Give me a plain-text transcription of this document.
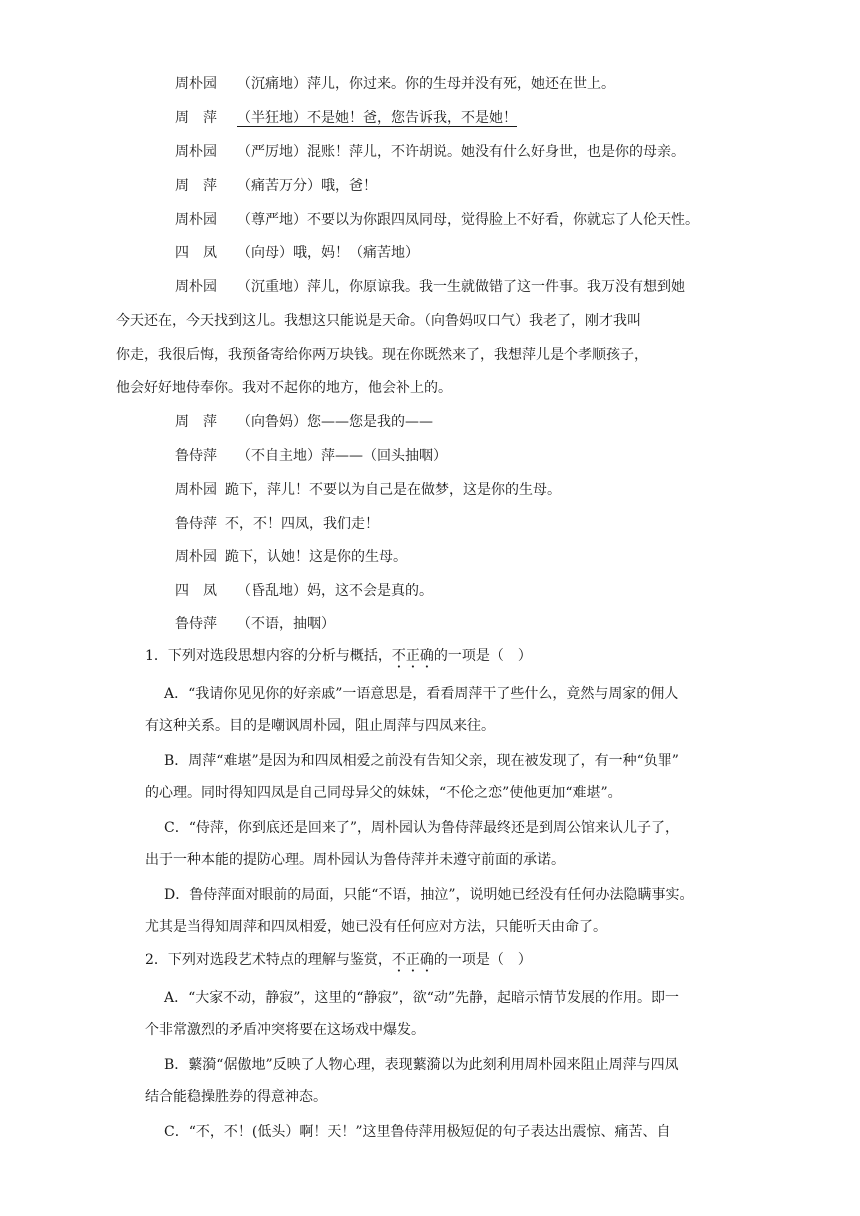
周朴园 （沉痛地）萍儿，你过来。你的生母并没有死，她还在世上。
周　萍 （半狂地）不是她！爸，您告诉我，不是她！
周朴园 （严厉地）混账！萍儿，不许胡说。她没有什么好身世，也是你的母亲。
周　萍 （痛苦万分）哦，爸！
周朴园 （尊严地）不要以为你跟四凤同母，觉得脸上不好看，你就忘了人伦天性。
四　凤 （向母）哦，妈！（痛苦地）
周朴园 （沉重地）萍儿，你原谅我。我一生就做错了这一件事。我万没有想到她
今天还在，今天找到这儿。我想这只能说是天命。（向鲁妈叹口气）我老了，刚才我叫
你走，我很后悔，我预备寄给你两万块钱。现在你既然来了，我想萍儿是个孝顺孩子，
他会好好地侍奉你。我对不起你的地方，他会补上的。
周　萍 （向鲁妈）您——您是我的——
鲁侍萍 （不自主地）萍——（回头抽咽）
周朴园 跪下，萍儿！不要以为自己是在做梦，这是你的生母。
鲁侍萍 不，不！四凤，我们走！
周朴园 跪下，认她！这是你的生母。
四　凤 （昏乱地）妈，这不会是真的。
鲁侍萍 （不语，抽咽）
1．下列对选段思想内容的分析与概括，不正确的一项是（　）
A．“我请你见见你的好亲戚”一语意思是，看看周萍干了些什么，竟然与周家的佣人
有这种关系。目的是嘲讽周朴园，阻止周萍与四凤来往。
B．周萍“难堪”是因为和四凤相爱之前没有告知父亲，现在被发现了，有一种“负罪”
的心理。同时得知四凤是自己同母异父的妹妹，“不伦之恋”使他更加“难堪”。
C．“侍萍，你到底还是回来了”，周朴园认为鲁侍萍最终还是到周公馆来认儿子了，
出于一种本能的提防心理。周朴园认为鲁侍萍并未遵守前面的承诺。
D．鲁侍萍面对眼前的局面，只能“不语，抽泣”，说明她已经没有任何办法隐瞒事实。
尤其是当得知周萍和四凤相爱，她已没有任何应对方法，只能听天由命了。
2．下列对选段艺术特点的理解与鉴赏，不正确的一项是（　）
A．“大家不动，静寂”，这里的“静寂”，欲“动”先静，起暗示情节发展的作用。即一
个非常激烈的矛盾冲突将要在这场戏中爆发。
B．蘩漪“倨傲地”反映了人物心理，表现蘩漪以为此刻利用周朴园来阻止周萍与四凤
结合能稳操胜券的得意神态。
C．“不，不！(低头）啊！天！”这里鲁侍萍用极短促的句子表达出震惊、痛苦、自
